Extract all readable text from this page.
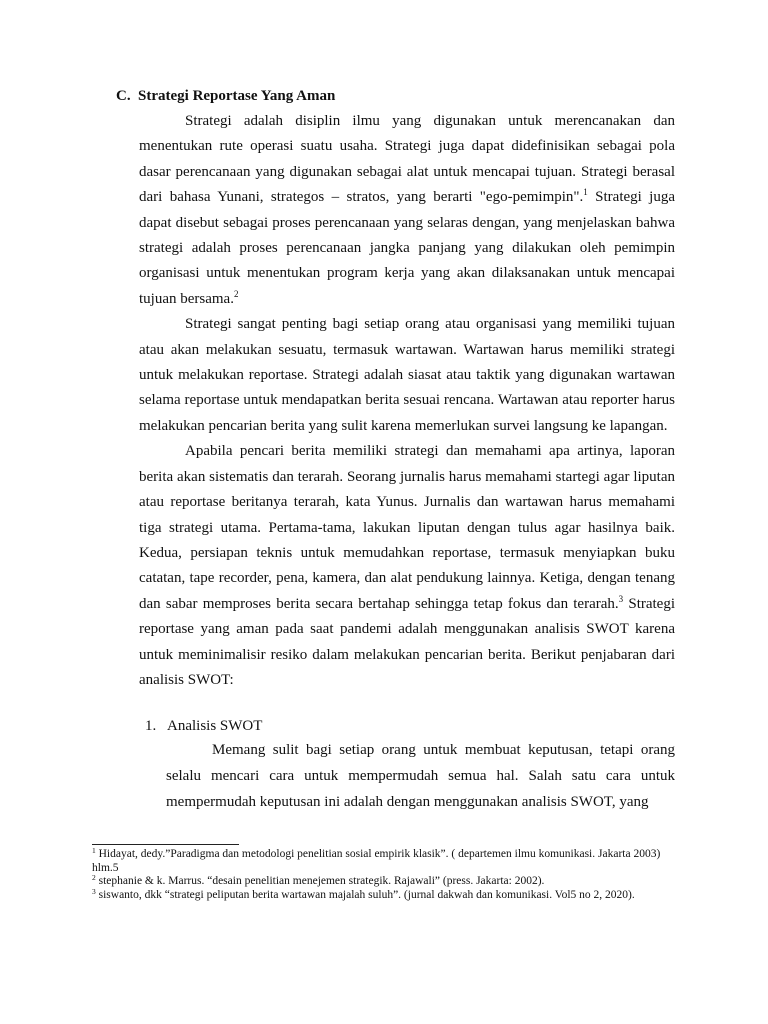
C. Strategi Reportase Yang Aman

Strategi adalah disiplin ilmu yang digunakan untuk merencanakan dan menentukan rute operasi suatu usaha. Strategi juga dapat didefinisikan sebagai pola dasar perencanaan yang digunakan sebagai alat untuk mencapai tujuan. Strategi berasal dari bahasa Yunani, strategos – stratos, yang berarti "ego-pemimpin".$^1$ Strategi juga dapat disebut sebagai proses perencanaan yang selaras dengan, yang menjelaskan bahwa strategi adalah proses perencanaan jangka panjang yang dilakukan oleh pemimpin organisasi untuk menentukan program kerja yang akan dilaksanakan untuk mencapai tujuan bersama.$^2$

Strategi sangat penting bagi setiap orang atau organisasi yang memiliki tujuan atau akan melakukan sesuatu, termasuk wartawan. Wartawan harus memiliki strategi untuk melakukan reportase. Strategi adalah siasat atau taktik yang digunakan wartawan selama reportase untuk mendapatkan berita sesuai rencana. Wartawan atau reporter harus melakukan pencarian berita yang sulit karena memerlukan survei langsung ke lapangan.

Apabila pencari berita memiliki strategi dan memahami apa artinya, laporan berita akan sistematis dan terarah. Seorang jurnalis harus memahami startegi agar liputan atau reportase beritanya terarah, kata Yunus. Jurnalis dan wartawan harus memahami tiga strategi utama. Pertama-tama, lakukan liputan dengan tulus agar hasilnya baik. Kedua, persiapan teknis untuk memudahkan reportase, termasuk menyiapkan buku catatan, tape recorder, pena, kamera, dan alat pendukung lainnya. Ketiga, dengan tenang dan sabar memproses berita secara bertahap sehingga tetap fokus dan terarah.$^3$ Strategi reportase yang aman pada saat pandemi adalah menggunakan analisis SWOT karena untuk meminimalisir resiko dalam melakukan pencarian berita. Berikut penjabaran dari analisis SWOT:

1. Analisis SWOT

Memang sulit bagi setiap orang untuk membuat keputusan, tetapi orang selalu mencari cara untuk mempermudah semua hal. Salah satu cara untuk mempermudah keputusan ini adalah dengan menggunakan analisis SWOT, yang

$^1$ Hidayat, dedy.”Paradigma dan metodologi penelitian sosial empirik klasik”. ( departemen ilmu komunikasi. Jakarta 2003) hlm.5

$^2$ stephanie & k. Marrus. “desain penelitian menejemen strategik. Rajawali” (press. Jakarta: 2002).

$^3$ siswanto, dkk “strategi peliputan berita wartawan majalah suluh”. (jurnal dakwah dan komunikasi. Vol5 no 2, 2020).
